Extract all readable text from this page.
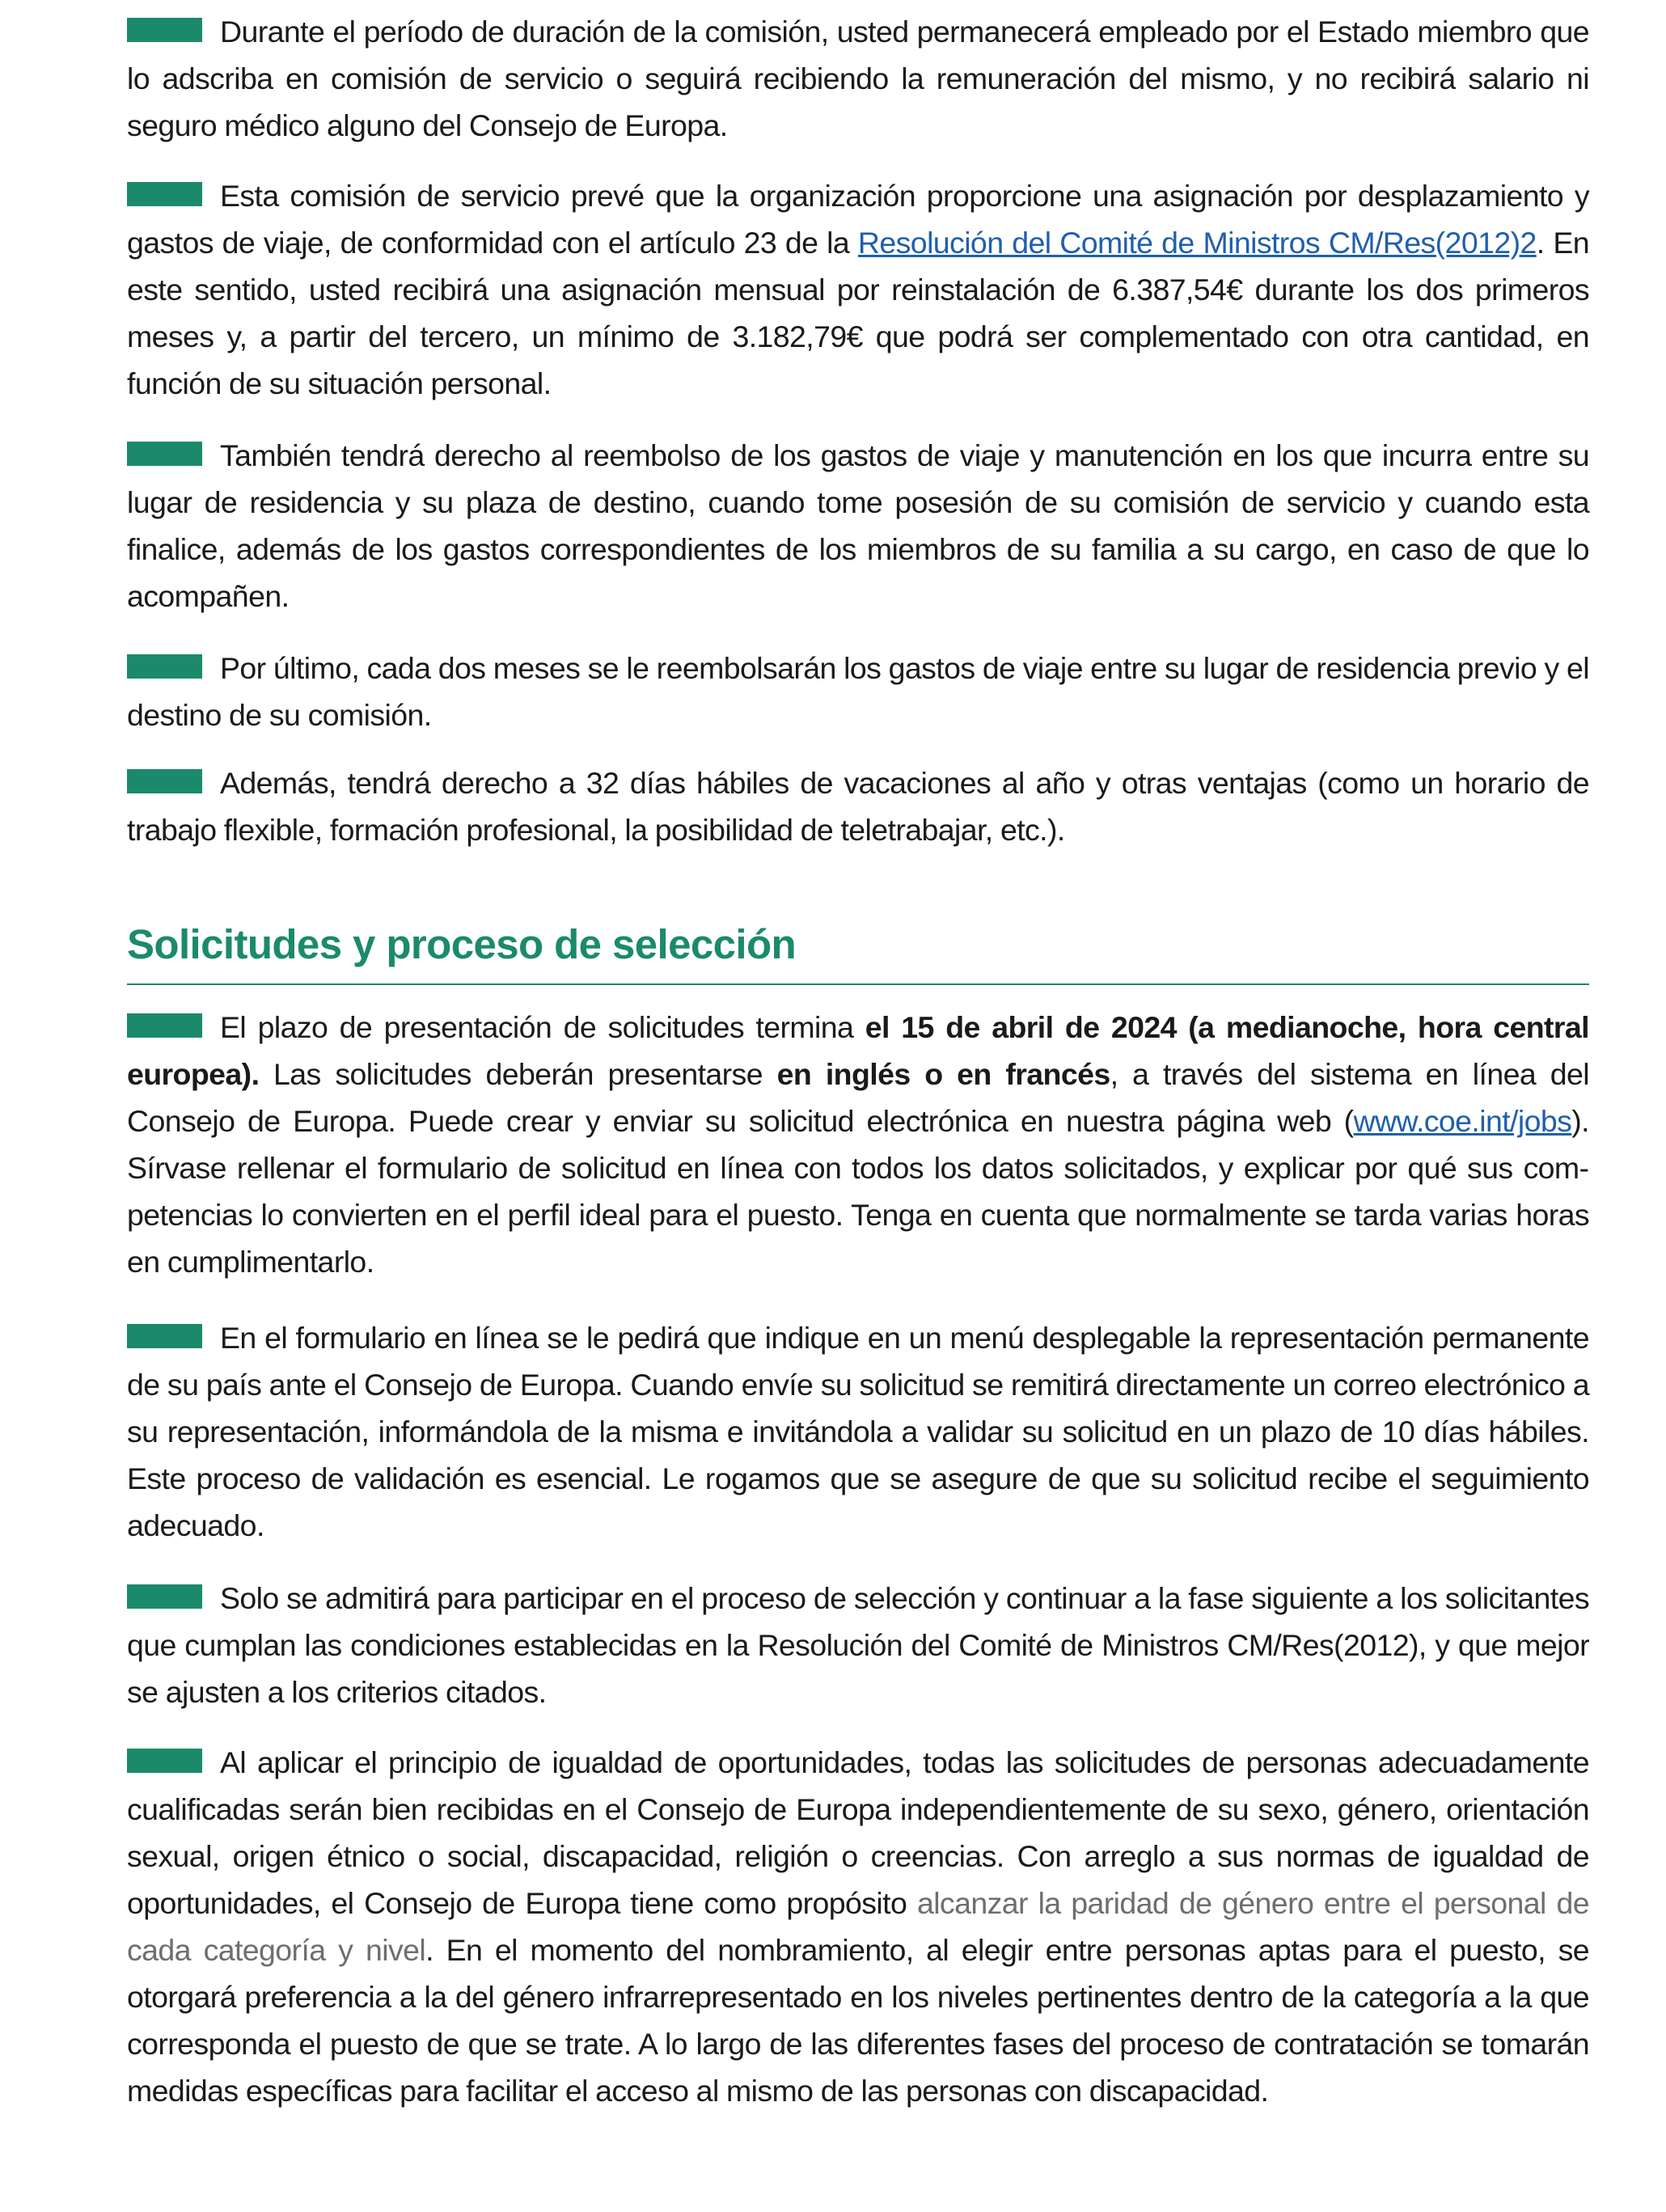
Durante el período de duración de la comisión, usted permanecerá empleado por el Estado miembro que lo adscriba en comisión de servicio o seguirá recibiendo la remuneración del mismo, y no recibirá salario ni seguro médico alguno del Consejo de Europa.

Esta comisión de servicio prevé que la organización proporcione una asignación por desplazamiento y gastos de viaje, de conformidad con el artículo 23 de la Resolución del Comité de Ministros CM/Res(2012)2. En este sentido, usted recibirá una asignación mensual por reinstalación de 6.387,54€ durante los dos primeros meses y, a partir del tercero, un mínimo de 3.182,79€ que podrá ser complementado con otra cantidad, en función de su situación personal.

También tendrá derecho al reembolso de los gastos de viaje y manutención en los que incurra entre su lugar de residencia y su plaza de destino, cuando tome posesión de su comisión de servicio y cuando esta finalice, además de los gastos correspondientes de los miembros de su familia a su cargo, en caso de que lo acompañen.

Por último, cada dos meses se le reembolsarán los gastos de viaje entre su lugar de residencia previo y el destino de su comisión.

Además, tendrá derecho a 32 días hábiles de vacaciones al año y otras ventajas (como un horario de trabajo flexible, formación profesional, la posibilidad de teletrabajar, etc.).

Solicitudes y proceso de selección

El plazo de presentación de solicitudes termina el 15 de abril de 2024 (a medianoche, hora central europea). Las solicitudes deberán presentarse en inglés o en francés, a través del sistema en línea del Consejo de Europa. Puede crear y enviar su solicitud electrónica en nuestra página web (www.coe.int/jobs). Sírvase rellenar el formulario de solicitud en línea con todos los datos solicitados, y explicar por qué sus competencias lo convierten en el perfil ideal para el puesto. Tenga en cuenta que normalmente se tarda varias horas en cumplimentarlo.

En el formulario en línea se le pedirá que indique en un menú desplegable la representación permanente de su país ante el Consejo de Europa. Cuando envíe su solicitud se remitirá directamente un correo electrónico a su representación, informándola de la misma e invitándola a validar su solicitud en un plazo de 10 días hábiles. Este proceso de validación es esencial. Le rogamos que se asegure de que su solicitud recibe el seguimiento adecuado.

Solo se admitirá para participar en el proceso de selección y continuar a la fase siguiente a los solicitantes que cumplan las condiciones establecidas en la Resolución del Comité de Ministros CM/Res(2012), y que mejor se ajusten a los criterios citados.

Al aplicar el principio de igualdad de oportunidades, todas las solicitudes de personas adecuadamente cualificadas serán bien recibidas en el Consejo de Europa independientemente de su sexo, género, orientación sexual, origen étnico o social, discapacidad, religión o creencias. Con arreglo a sus normas de igualdad de oportunidades, el Consejo de Europa tiene como propósito alcanzar la paridad de género entre el personal de cada categoría y nivel. En el momento del nombramiento, al elegir entre personas aptas para el puesto, se otorgará preferencia a la del género infrarrepresentado en los niveles pertinentes dentro de la categoría a la que corresponda el puesto de que se trate. A lo largo de las diferentes fases del proceso de contratación se tomarán medidas específicas para facilitar el acceso al mismo de las personas con discapacidad.
